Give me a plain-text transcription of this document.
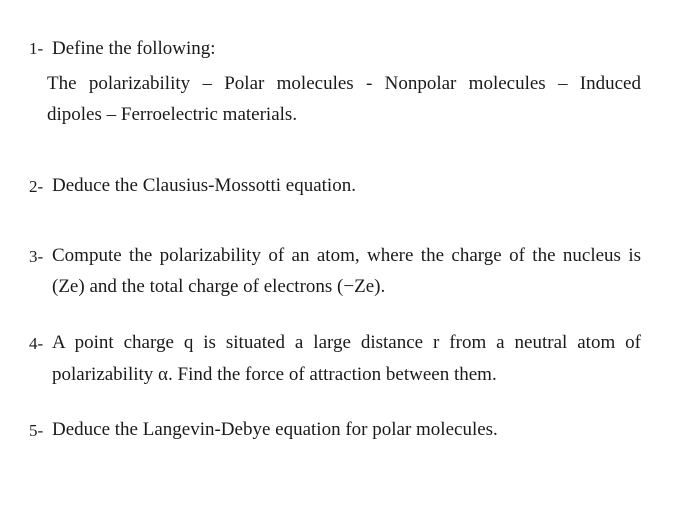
1- Define the following:
The polarizability – Polar molecules - Nonpolar molecules – Induced
dipoles – Ferroelectric materials.
2- Deduce the Clausius-Mossotti equation.
3- Compute the polarizability of an atom, where the charge of the nucleus is
(Ze) and the total charge of electrons (−Ze).
4- A point charge q is situated a large distance r from a neutral atom of
polarizability α. Find the force of attraction between them.
5- Deduce the Langevin-Debye equation for polar molecules.
